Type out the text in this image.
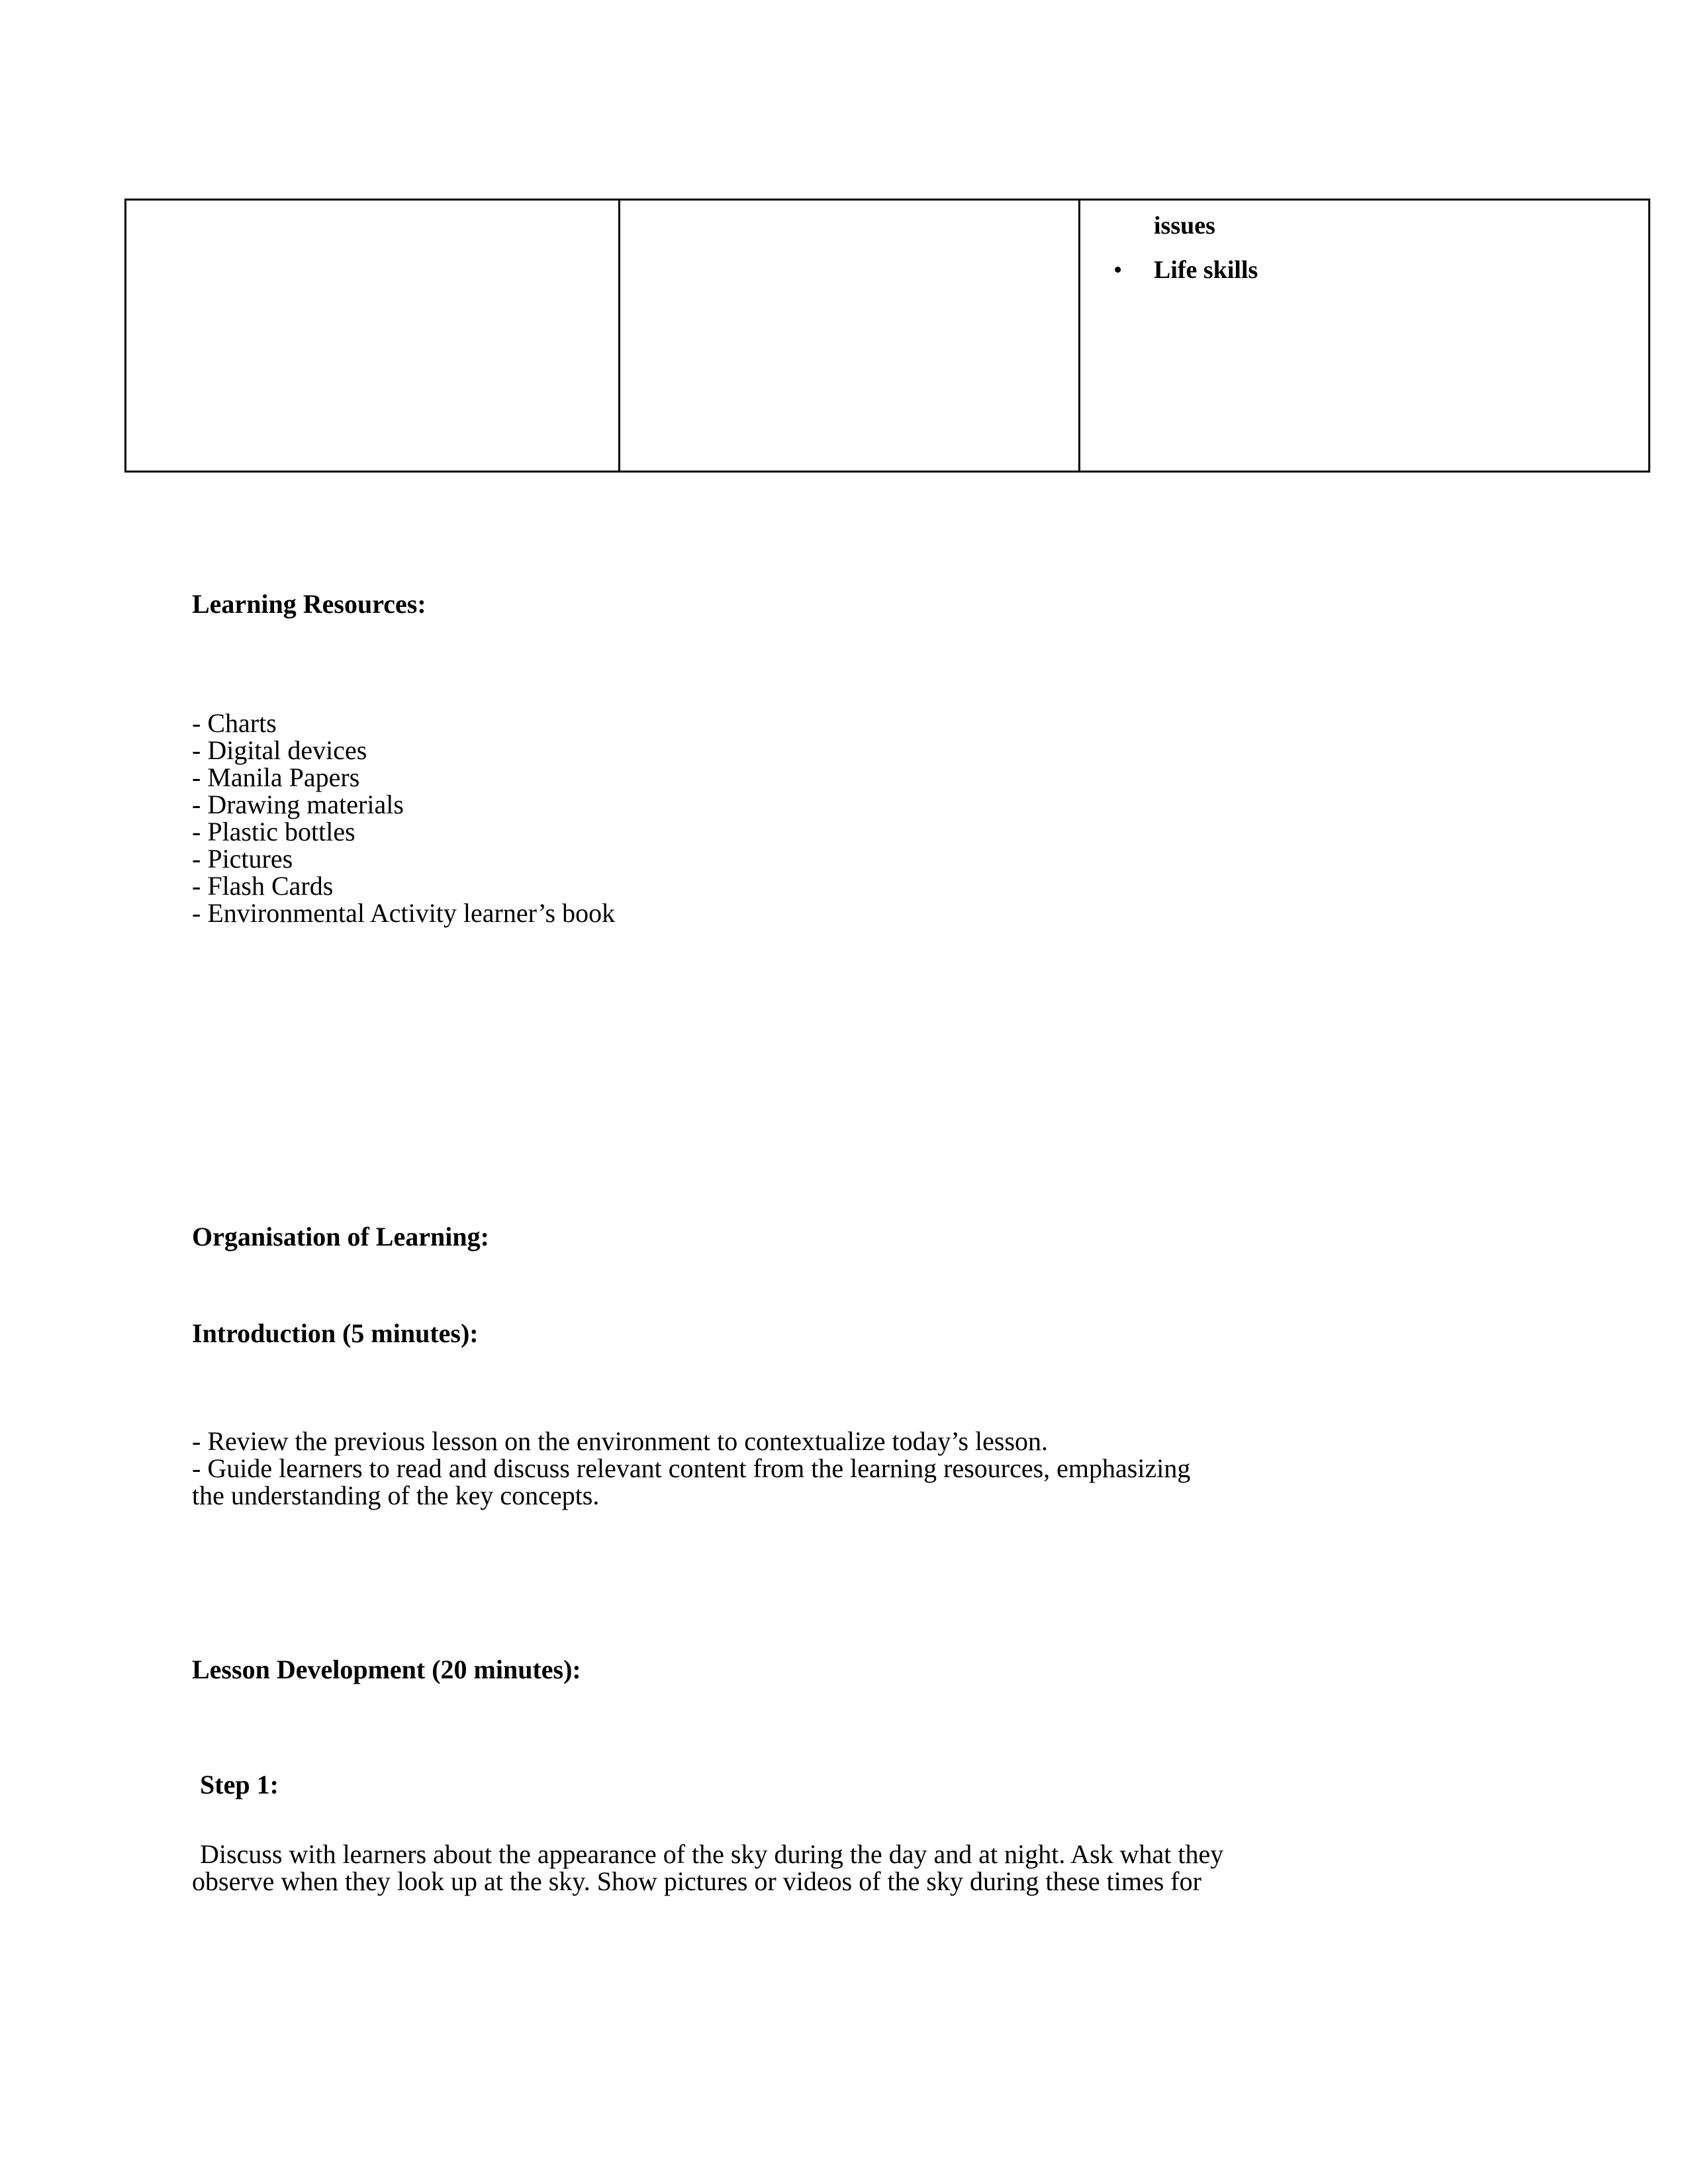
issues
•	Life skills
Learning Resources:
- Charts
- Digital devices
- Manila Papers
- Drawing materials
- Plastic bottles
- Pictures
- Flash Cards
- Environmental Activity learner’s book
Organisation of Learning:
Introduction (5 minutes):
- Review the previous lesson on the environment to contextualize today’s lesson.
- Guide learners to read and discuss relevant content from the learning resources, emphasizing
the understanding of the key concepts.
Lesson Development (20 minutes):
Step 1:
Discuss with learners about the appearance of the sky during the day and at night. Ask what they
observe when they look up at the sky. Show pictures or videos of the sky during these times for
